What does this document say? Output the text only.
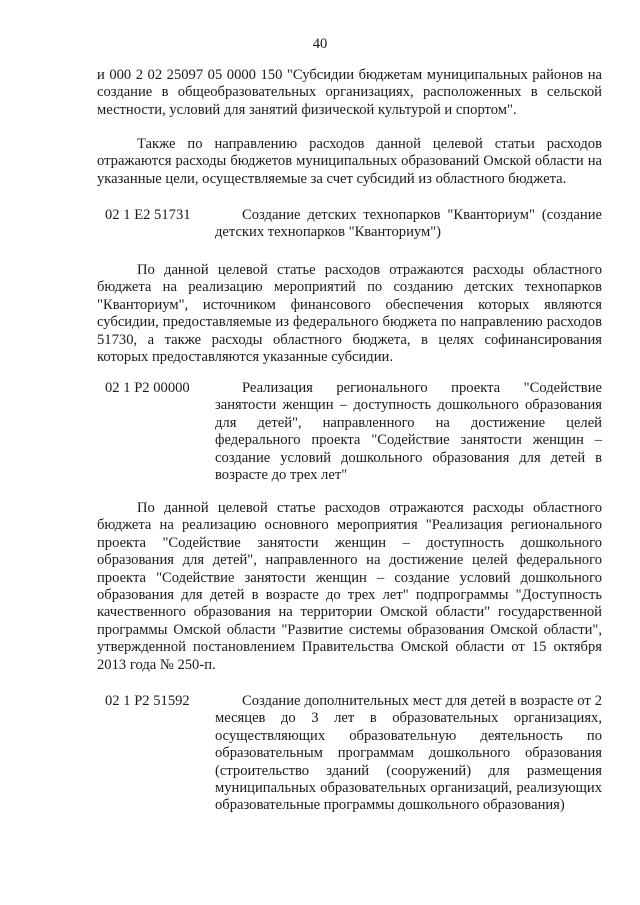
40
и 000 2 02 25097 05 0000 150 "Субсидии бюджетам муниципальных районов на создание в общеобразовательных организациях, расположенных в сельской местности, условий для занятий физической культурой и спортом".
Также по направлению расходов данной целевой статьи расходов отражаются расходы бюджетов муниципальных образований Омской области на указанные цели, осуществляемые за счет субсидий из областного бюджета.
02 1 E2 51731	Создание детских технопарков "Кванториум" (создание детских технопарков "Кванториум")
По данной целевой статье расходов отражаются расходы областного бюджета на реализацию мероприятий по созданию детских технопарков "Кванториум", источником финансового обеспечения которых являются субсидии, предоставляемые из федерального бюджета по направлению расходов 51730, а также расходы областного бюджета, в целях софинансирования которых предоставляются указанные субсидии.
02 1 P2 00000	Реализация регионального проекта "Содействие занятости женщин – доступность дошкольного образования для детей", направленного на достижение целей федерального проекта "Содействие занятости женщин – создание условий дошкольного образования для детей в возрасте до трех лет"
По данной целевой статье расходов отражаются расходы областного бюджета на реализацию основного мероприятия "Реализация регионального проекта "Содействие занятости женщин – доступность дошкольного образования для детей", направленного на достижение целей федерального проекта "Содействие занятости женщин – создание условий дошкольного образования для детей в возрасте до трех лет" подпрограммы "Доступность качественного образования на территории Омской области" государственной программы Омской области "Развитие системы образования Омской области", утвержденной постановлением Правительства Омской области от 15 октября 2013 года № 250-п.
02 1 P2 51592	Создание дополнительных мест для детей в возрасте от 2 месяцев до 3 лет в образовательных организациях, осуществляющих образовательную деятельность по образовательным программам дошкольного образования (строительство зданий (сооружений) для размещения муниципальных образовательных организаций, реализующих образовательные программы дошкольного образования)
